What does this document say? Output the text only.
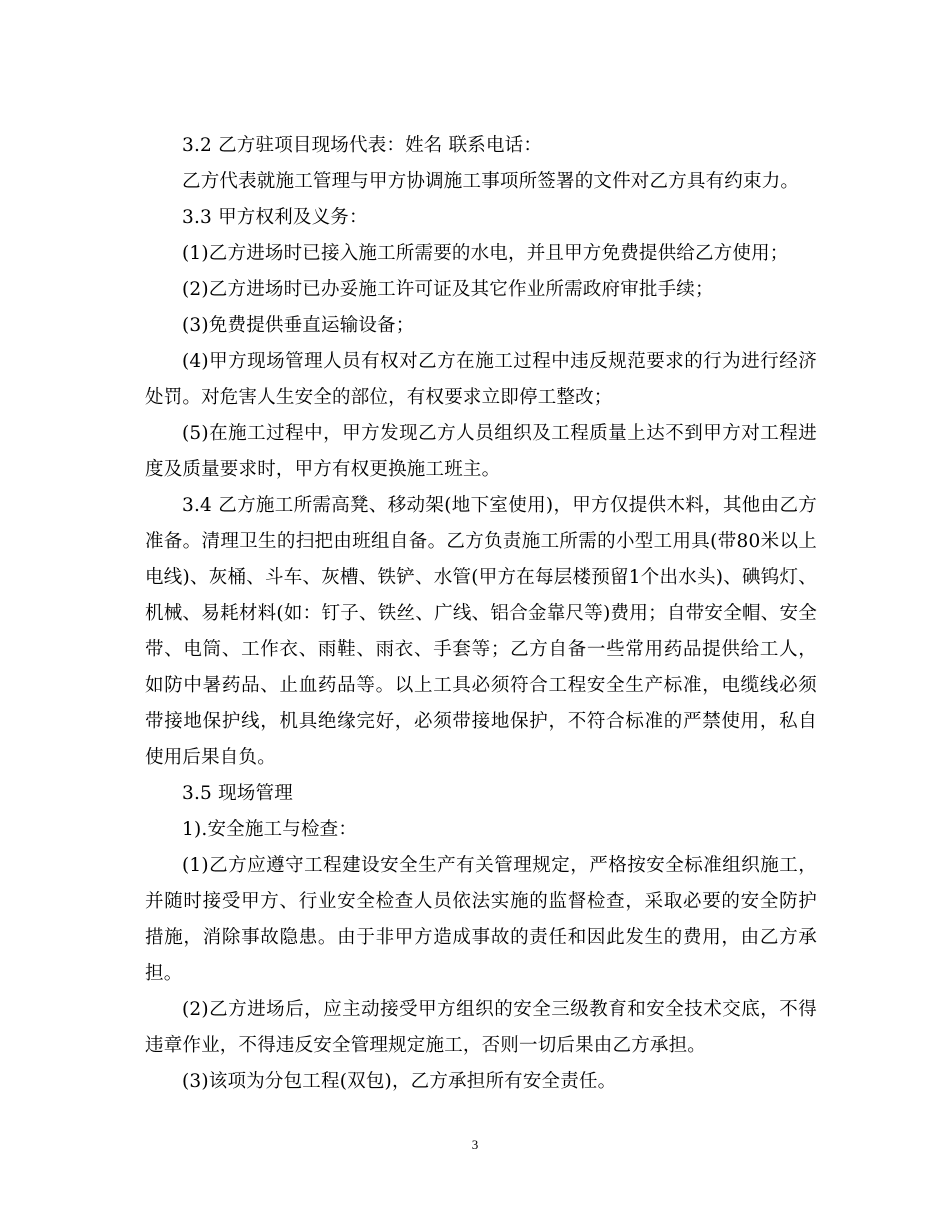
3.2 乙方驻项目现场代表：姓名 联系电话：

乙方代表就施工管理与甲方协调施工事项所签署的文件对乙方具有约束力。

3.3 甲方权利及义务：

(1)乙方进场时已接入施工所需要的水电，并且甲方免费提供给乙方使用；

(2)乙方进场时已办妥施工许可证及其它作业所需政府审批手续；

(3)免费提供垂直运输设备；

(4)甲方现场管理人员有权对乙方在施工过程中违反规范要求的行为进行经济处罚。对危害人生安全的部位，有权要求立即停工整改；

(5)在施工过程中，甲方发现乙方人员组织及工程质量上达不到甲方对工程进度及质量要求时，甲方有权更换施工班主。

3.4 乙方施工所需高凳、移动架(地下室使用)，甲方仅提供木料，其他由乙方准备。清理卫生的扫把由班组自备。乙方负责施工所需的小型工用具(带80米以上电线)、灰桶、斗车、灰槽、铁铲、水管(甲方在每层楼预留1个出水头)、碘钨灯、机械、易耗材料(如：钉子、铁丝、广线、铝合金靠尺等)费用；自带安全帽、安全带、电筒、工作衣、雨鞋、雨衣、手套等；乙方自备一些常用药品提供给工人，如防中暑药品、止血药品等。以上工具必须符合工程安全生产标准，电缆线必须带接地保护线，机具绝缘完好，必须带接地保护，不符合标准的严禁使用，私自使用后果自负。

3.5 现场管理

1).安全施工与检查：

(1)乙方应遵守工程建设安全生产有关管理规定，严格按安全标准组织施工，并随时接受甲方、行业安全检查人员依法实施的监督检查，采取必要的安全防护措施，消除事故隐患。由于非甲方造成事故的责任和因此发生的费用，由乙方承担。

(2)乙方进场后，应主动接受甲方组织的安全三级教育和安全技术交底，不得违章作业，不得违反安全管理规定施工，否则一切后果由乙方承担。

(3)该项为分包工程(双包)，乙方承担所有安全责任。

3
